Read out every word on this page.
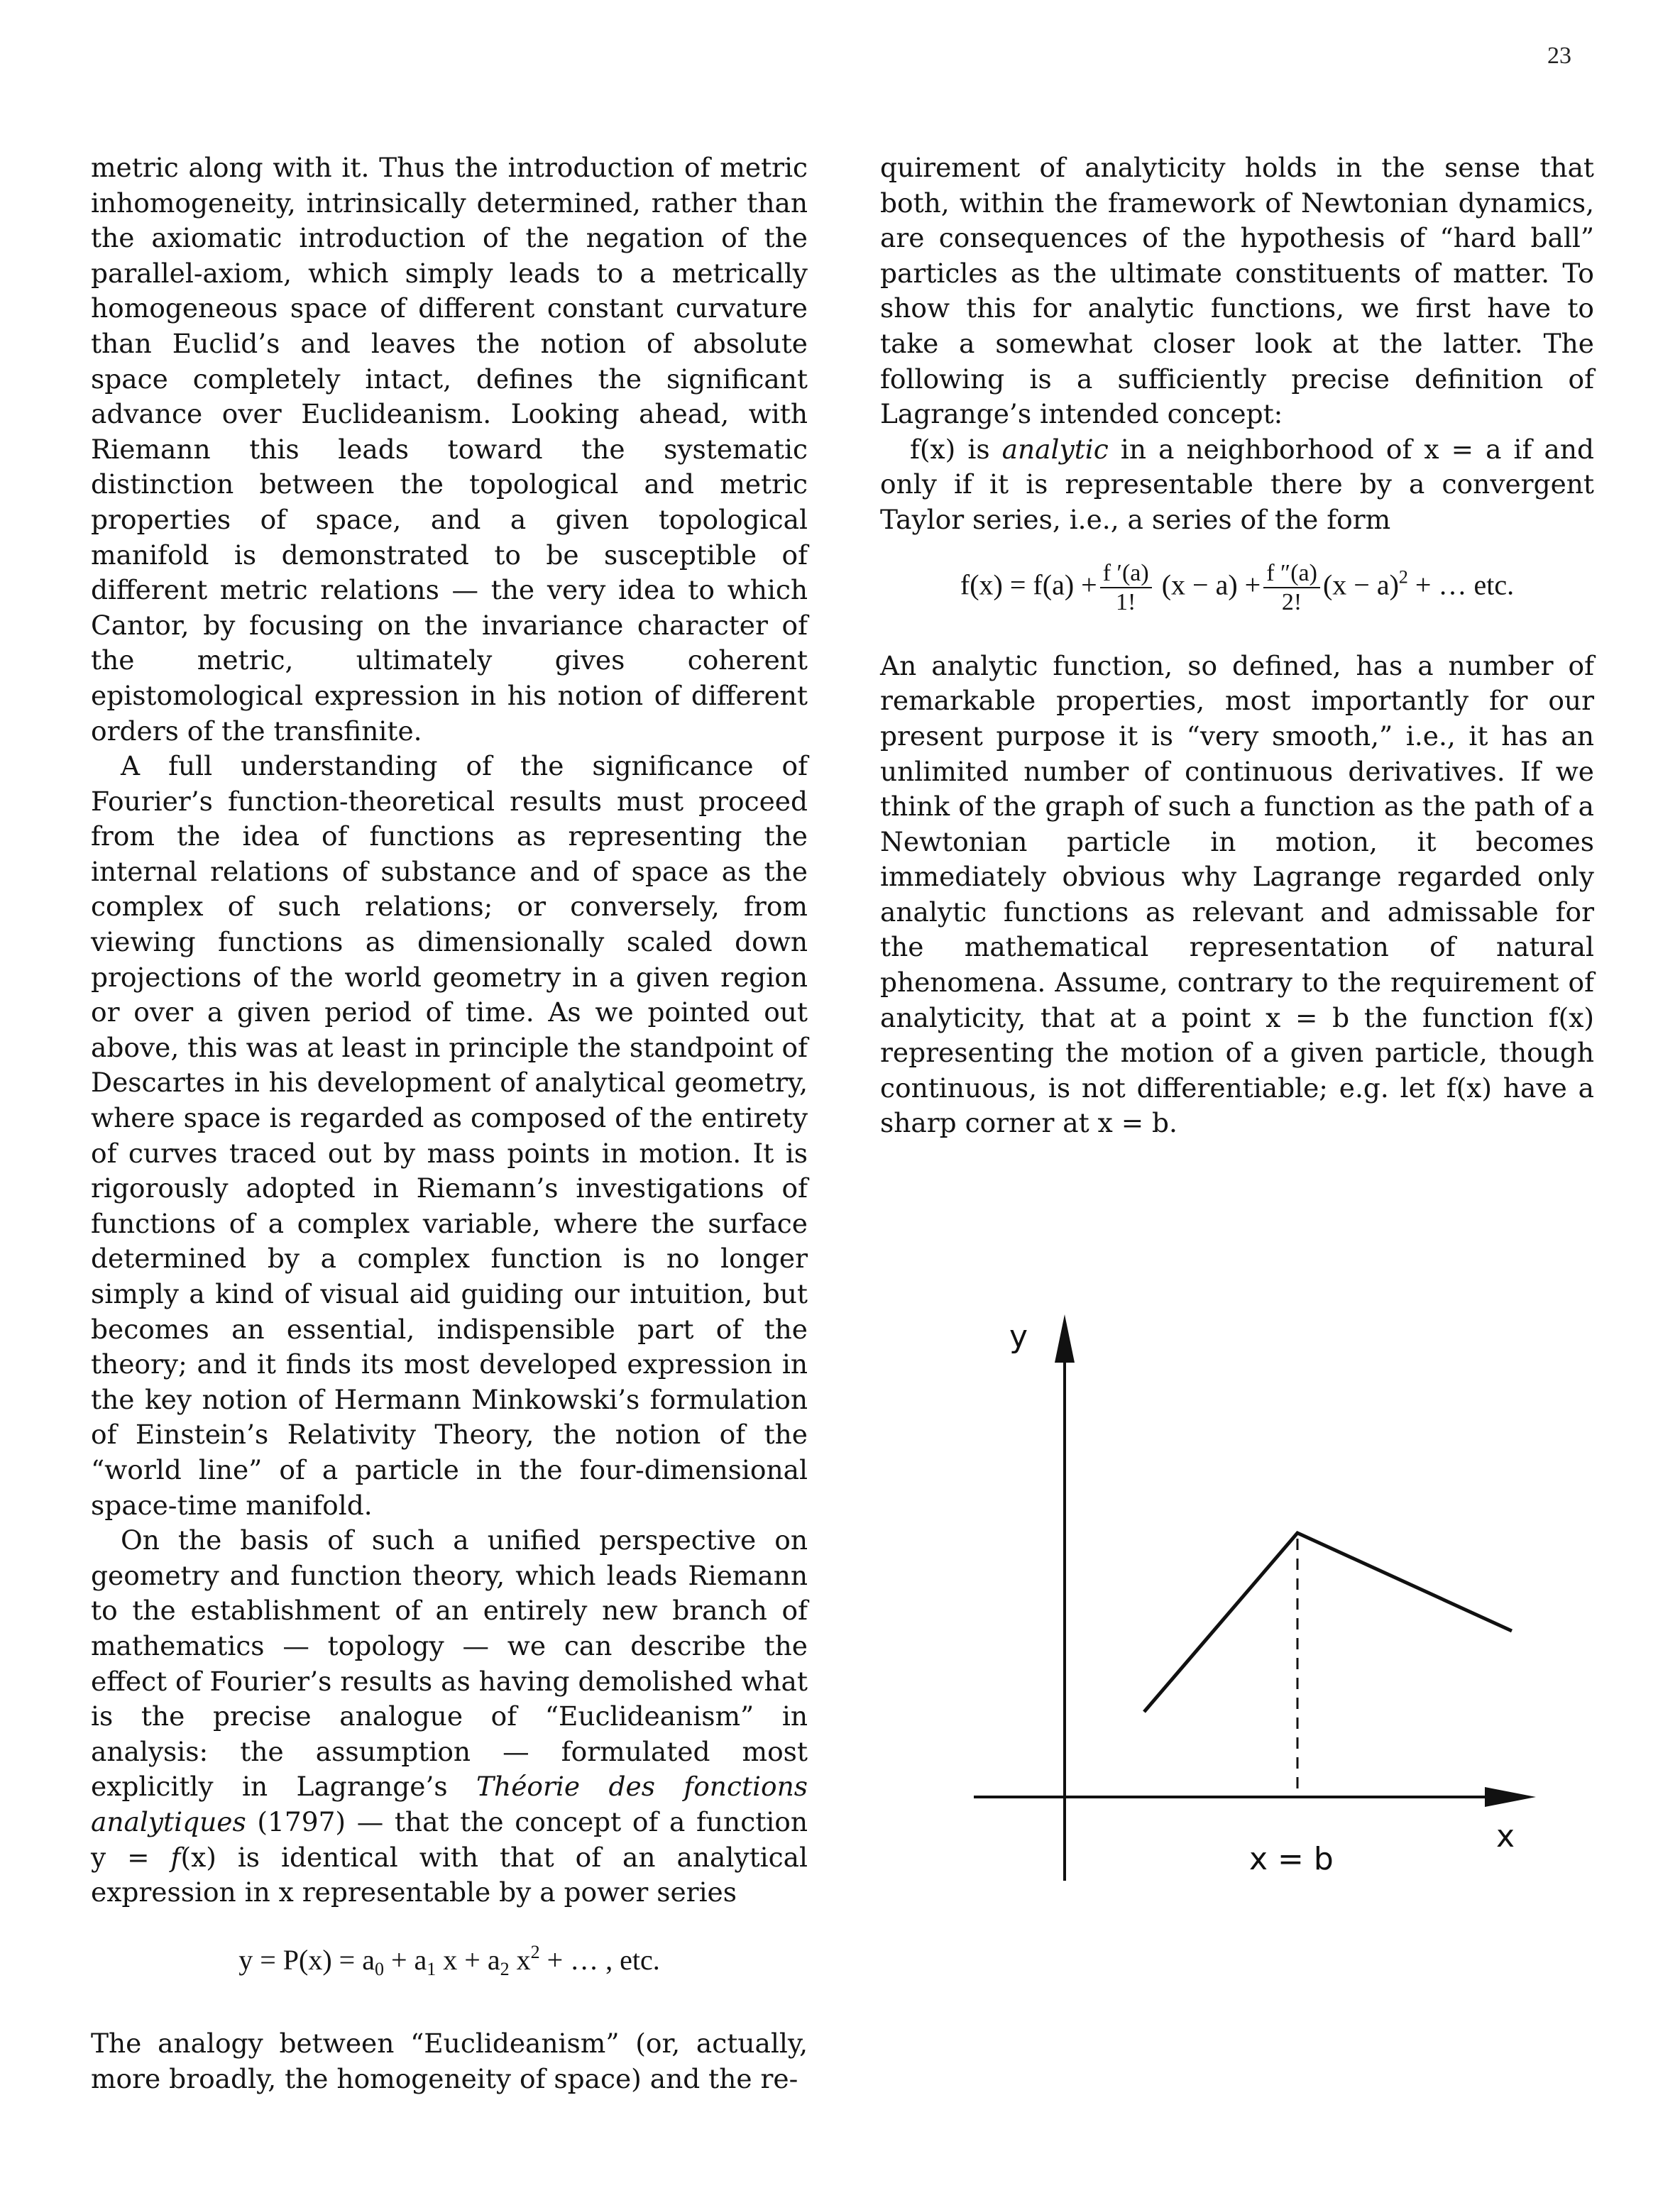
23

metric along with it. Thus the introduction of metric inhomogeneity, intrinsically determined, rather than the axiomatic introduction of the negation of the parallel-axiom, which simply leads to a metrically homogeneous space of different constant curvature than Euclid’s and leaves the notion of absolute space completely intact, defines the significant advance over Euclideanism. Looking ahead, with Riemann this leads toward the systematic distinction between the topological and metric properties of space, and a given topological manifold is demonstrated to be susceptible of different metric relations — the very idea to which Cantor, by focusing on the invariance character of the metric, ultimately gives coherent epistomological expression in his notion of different orders of the transfinite.

A full understanding of the significance of Fourier’s function-theoretical results must proceed from the idea of functions as representing the internal relations of substance and of space as the complex of such relations; or conversely, from viewing functions as dimensionally scaled down projections of the world geometry in a given region or over a given period of time. As we pointed out above, this was at least in principle the standpoint of Descartes in his development of analytical geometry, where space is regarded as composed of the entirety of curves traced out by mass points in motion. It is rigorously adopted in Riemann’s investigations of functions of a complex variable, where the surface determined by a complex function is no longer simply a kind of visual aid guiding our intuition, but becomes an essential, indispensible part of the theory; and it finds its most developed expression in the key notion of Hermann Minkowski’s formulation of Einstein’s Relativity Theory, the notion of the “world line” of a particle in the four-dimensional space-time manifold.

On the basis of such a unified perspective on geometry and function theory, which leads Riemann to the establishment of an entirely new branch of mathematics — topology — we can describe the effect of Fourier’s results as having demolished what is the precise analogue of “Euclideanism” in analysis: the assumption — formulated most explicitly in Lagrange’s Théorie des fonctions analytiques (1797) — that the concept of a function y = f(x) is identical with that of an analytical expression in x representable by a power series

$y = P(x) = a_0 + a_1$ $x + a_2$ $x^2$ + … , etc.

The analogy between “Euclideanism” (or, actually, more broadly, the homogeneity of space) and the re-

quirement of analyticity holds in the sense that both, within the framework of Newtonian dynamics, are consequences of the hypothesis of “hard ball” particles as the ultimate constituents of matter. To show this for analytic functions, we first have to take a somewhat closer look at the latter. The following is a sufficiently precise definition of Lagrange’s intended concept:

f(x) is analytic in a neighborhood of x = a if and only if it is representable there by a convergent Taylor series, i.e., a series of the form

$f(x) = f(a) + \frac{f '(a)}{1!} (x - a) + \frac{f ''(a)}{2!} (x - a)^2$ + … etc.

An analytic function, so defined, has a number of remarkable properties, most importantly for our present purpose it is “very smooth,” i.e., it has an unlimited number of continuous derivatives. If we think of the graph of such a function as the path of a Newtonian particle in motion, it becomes immediately obvious why Lagrange regarded only analytic functions as relevant and admissable for the mathematical representation of natural phenomena. Assume, contrary to the requirement of analyticity, that at a point x = b the function f(x) representing the motion of a given particle, though continuous, is not differentiable; e.g. let f(x) have a sharp corner at x = b.

y
x
x = b
